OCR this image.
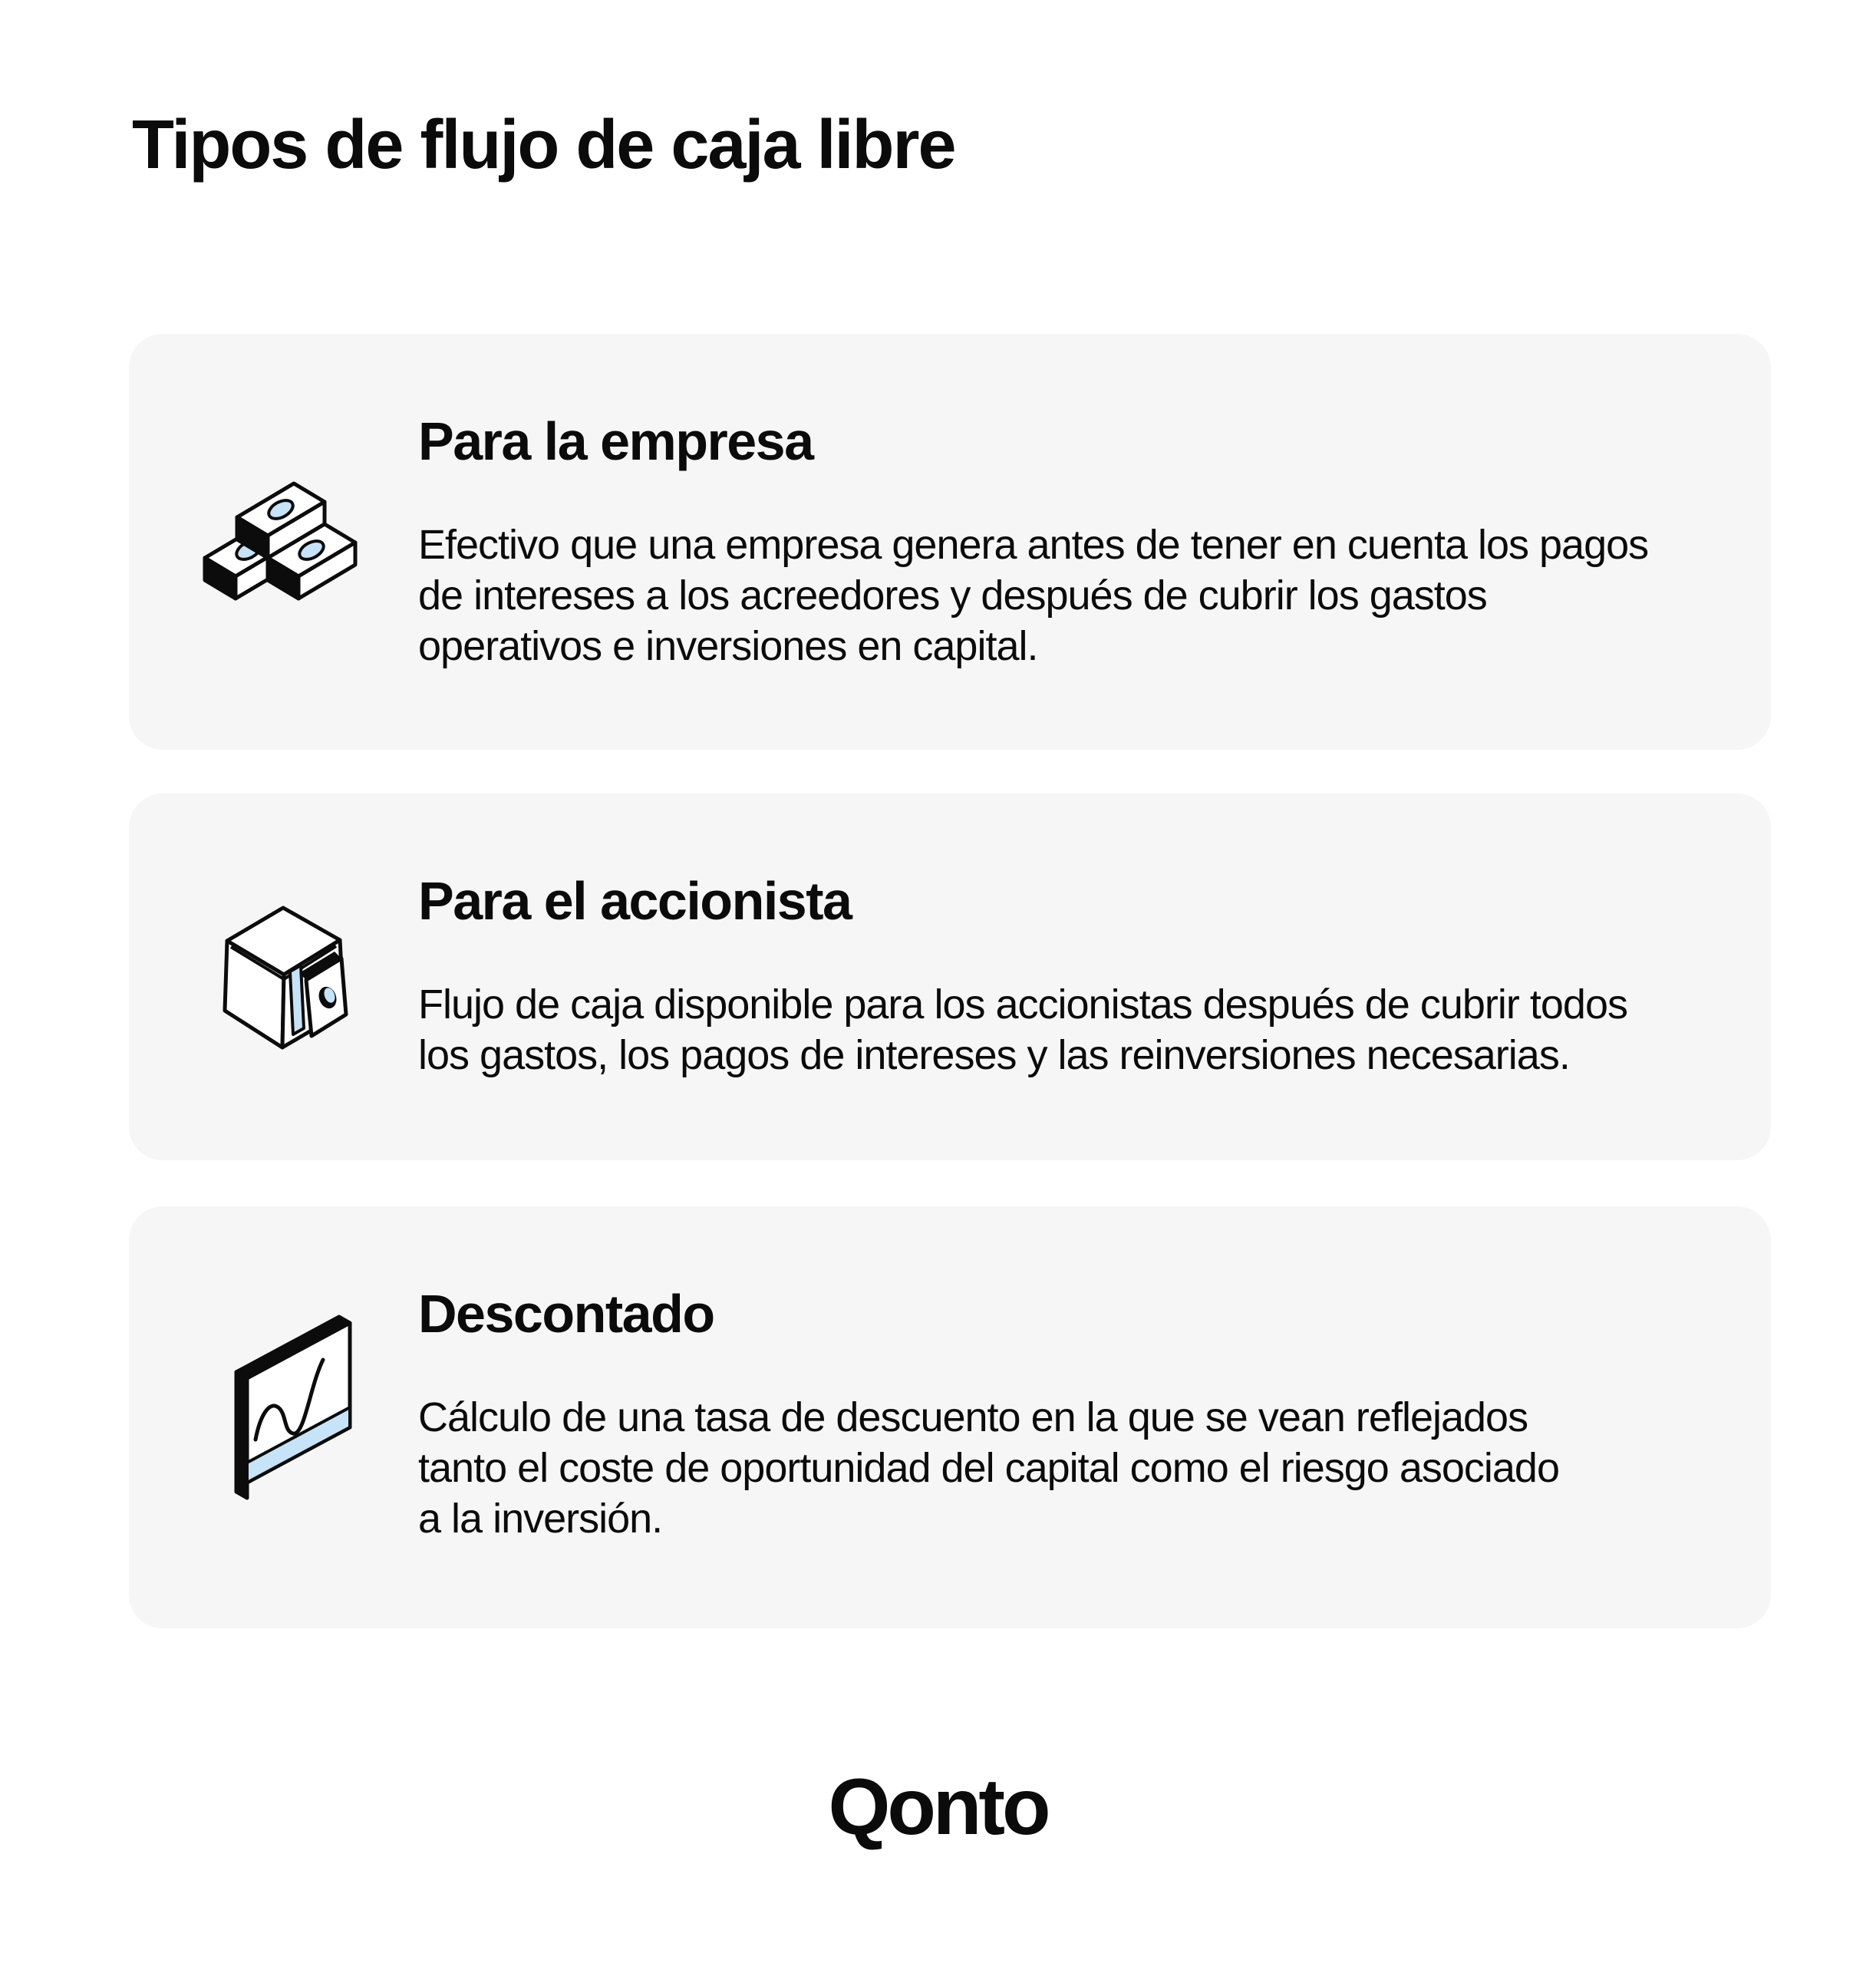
Tipos de flujo de caja libre
Para la empresa

Efectivo que una empresa genera antes de tener en cuenta los pagos
de intereses a los acreedores y después de cubrir los gastos
operativos e inversiones en capital.

Para el accionista

Flujo de caja disponible para los accionistas después de cubrir todos
los gastos, los pagos de intereses y las reinversiones necesarias.

Descontado

Cálculo de una tasa de descuento en la que se vean reflejados
tanto el coste de oportunidad del capital como el riesgo asociado
a la inversión.

Qonto
